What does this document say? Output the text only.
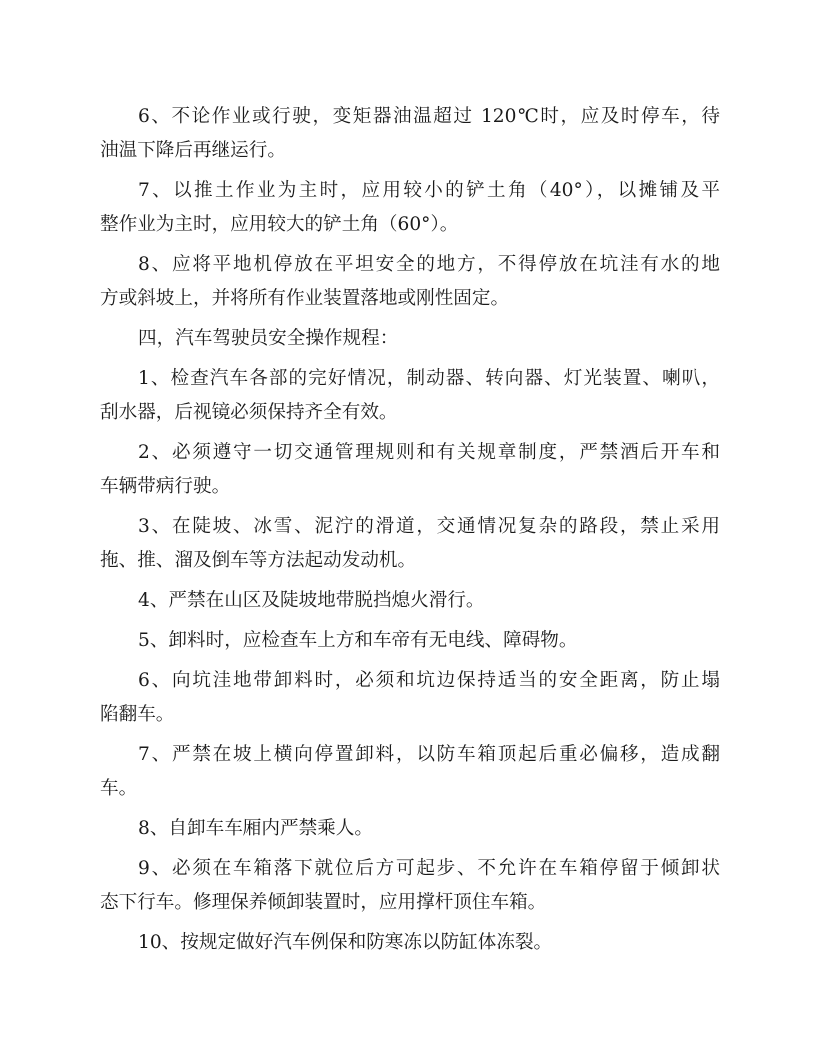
6、不论作业或行驶，变矩器油温超过 120℃时，应及时停车，待
油温下降后再继运行。

7、以推土作业为主时，应用较小的铲土角（40°），以摊铺及平
整作业为主时，应用较大的铲土角（60°）。

8、应将平地机停放在平坦安全的地方，不得停放在坑洼有水的地
方或斜坡上，并将所有作业装置落地或刚性固定。

四，汽车驾驶员安全操作规程：

1、检查汽车各部的完好情况，制动器、转向器、灯光装置、喇叭，
刮水器，后视镜必须保持齐全有效。

2、必须遵守一切交通管理规则和有关规章制度，严禁酒后开车和
车辆带病行驶。

3、在陡坡、冰雪、泥泞的滑道，交通情况复杂的路段，禁止采用
拖、推、溜及倒车等方法起动发动机。

4、严禁在山区及陡坡地带脱挡熄火滑行。

5、卸料时，应检查车上方和车帝有无电线、障碍物。

6、向坑洼地带卸料时，必须和坑边保持适当的安全距离，防止塌
陷翻车。

7、严禁在坡上横向停置卸料，以防车箱顶起后重必偏移，造成翻
车。

8、自卸车车厢内严禁乘人。

9、必须在车箱落下就位后方可起步、不允许在车箱停留于倾卸状
态下行车。修理保养倾卸装置时，应用撑杆顶住车箱。

10、按规定做好汽车例保和防寒冻以防缸体冻裂。
